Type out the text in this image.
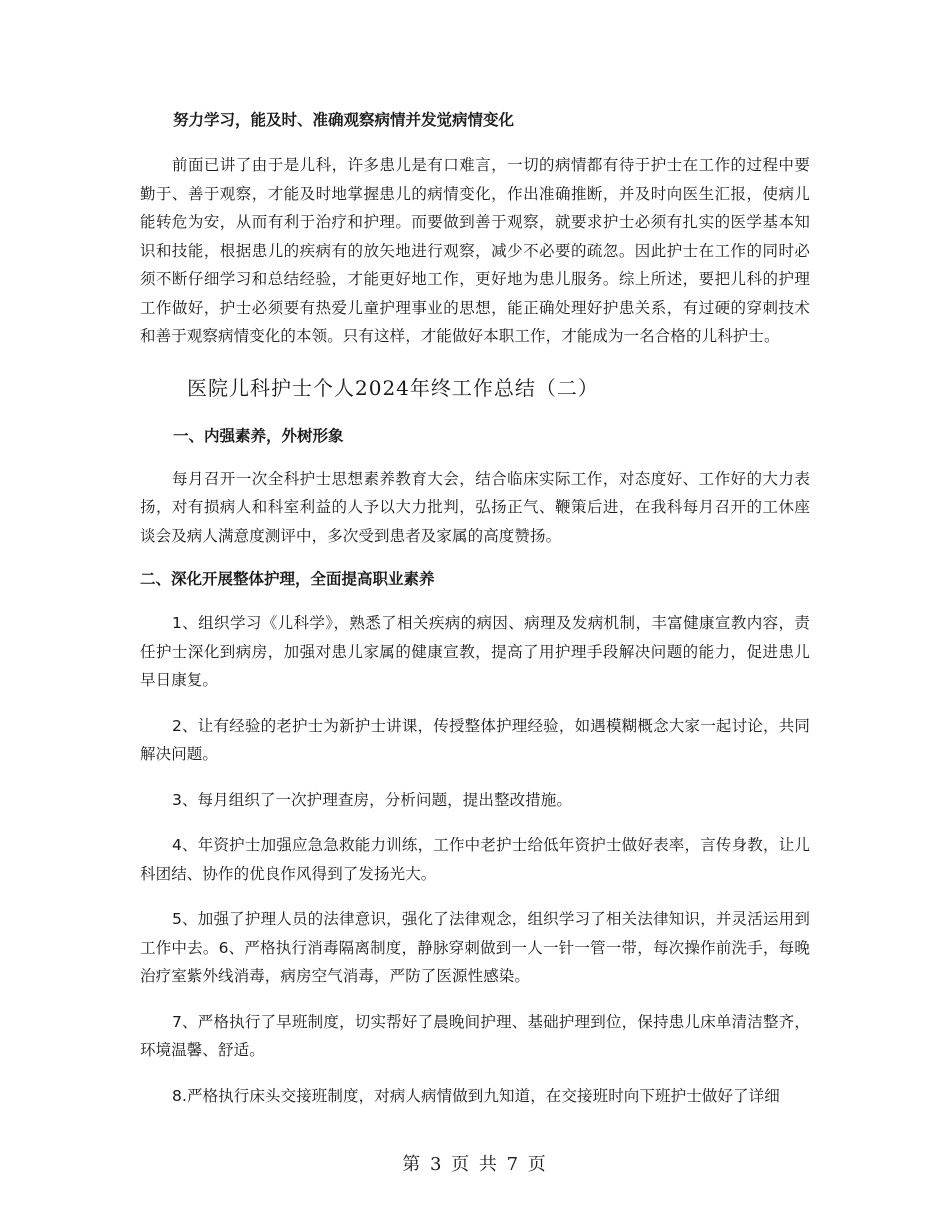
努力学习，能及时、准确观察病情并发觉病情变化

前面已讲了由于是儿科，许多患儿是有口难言，一切的病情都有待于护士在工作的过程中要勤于、善于观察，才能及时地掌握患儿的病情变化，作出准确推断，并及时向医生汇报，使病儿能转危为安，从而有利于治疗和护理。而要做到善于观察，就要求护士必须有扎实的医学基本知识和技能，根据患儿的疾病有的放矢地进行观察，减少不必要的疏忽。因此护士在工作的同时必须不断仔细学习和总结经验，才能更好地工作，更好地为患儿服务。综上所述，要把儿科的护理工作做好，护士必须要有热爱儿童护理事业的思想，能正确处理好护患关系，有过硬的穿刺技术和善于观察病情变化的本领。只有这样，才能做好本职工作，才能成为一名合格的儿科护士。

医院儿科护士个人2024年终工作总结（二）

一、内强素养，外树形象

每月召开一次全科护士思想素养教育大会，结合临床实际工作，对态度好、工作好的大力表扬，对有损病人和科室利益的人予以大力批判，弘扬正气、鞭策后进，在我科每月召开的工休座谈会及病人满意度测评中，多次受到患者及家属的高度赞扬。

二、深化开展整体护理，全面提高职业素养

1、组织学习《儿科学》，熟悉了相关疾病的病因、病理及发病机制，丰富健康宣教内容，责任护士深化到病房，加强对患儿家属的健康宣教，提高了用护理手段解决问题的能力，促进患儿早日康复。

2、让有经验的老护士为新护士讲课，传授整体护理经验，如遇模糊概念大家一起讨论，共同解决问题。

3、每月组织了一次护理查房，分析问题，提出整改措施。

4、年资护士加强应急急救能力训练，工作中老护士给低年资护士做好表率，言传身教，让儿科团结、协作的优良作风得到了发扬光大。

5、加强了护理人员的法律意识，强化了法律观念，组织学习了相关法律知识，并灵活运用到工作中去。6、严格执行消毒隔离制度，静脉穿刺做到一人一针一管一带，每次操作前洗手，每晚治疗室紫外线消毒，病房空气消毒，严防了医源性感染。

7、严格执行了早班制度，切实帮好了晨晚间护理、基础护理到位，保持患儿床单清洁整齐，环境温馨、舒适。

8.严格执行床头交接班制度，对病人病情做到九知道，在交接班时向下班护士做好了详细

第 3 页 共 7 页
